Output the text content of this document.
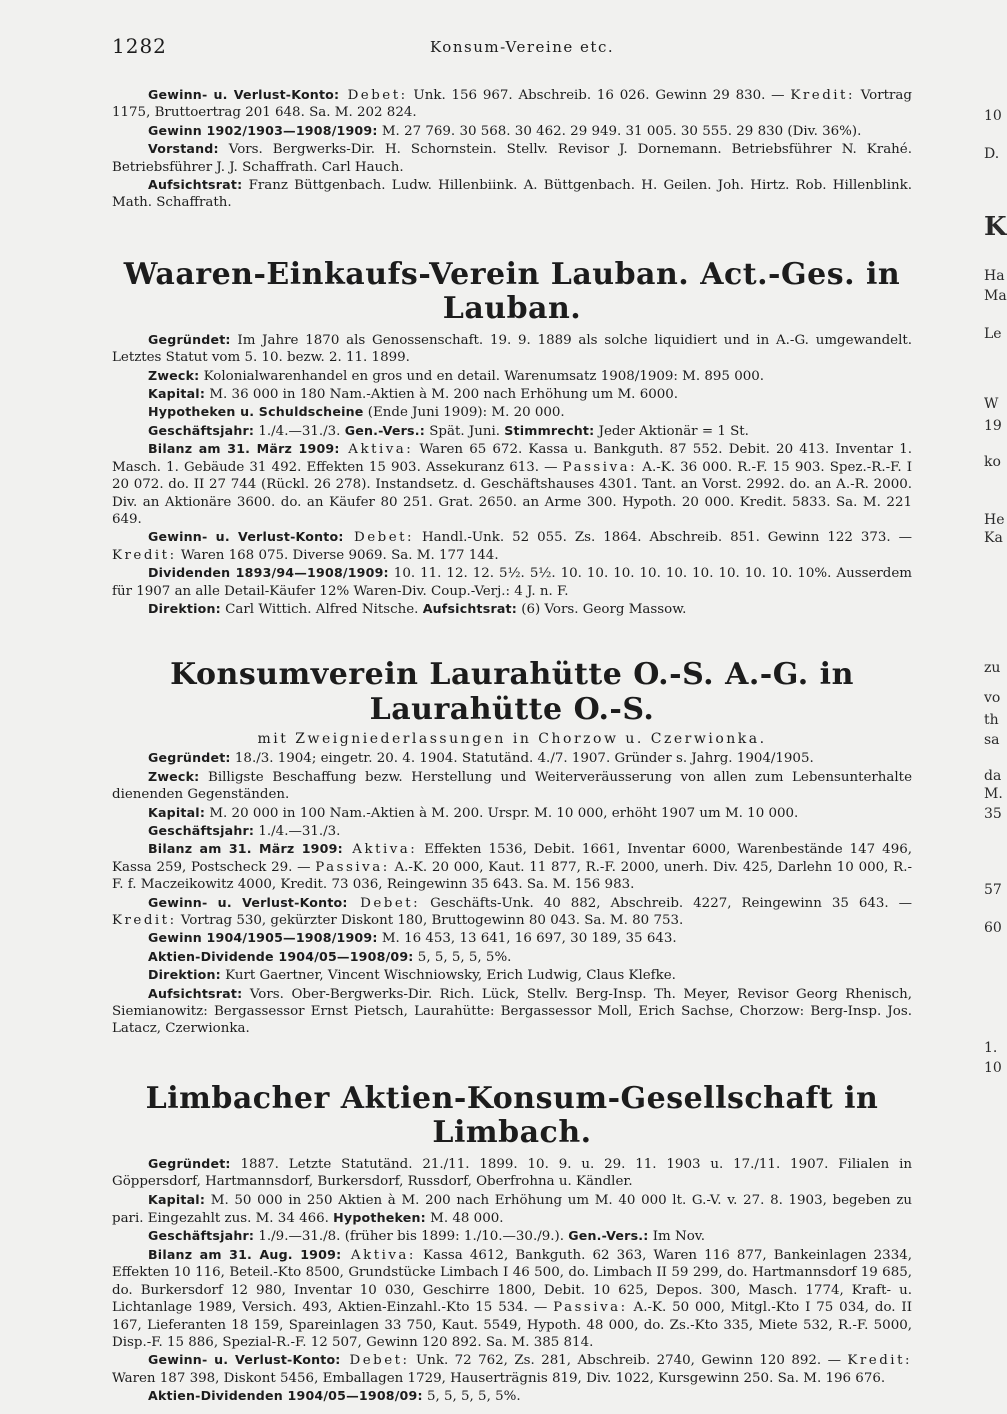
1282	Konsum-Vereine etc.

Gewinn- u. Verlust-Konto: Debet: Unk. 156 967. Abschreib. 16 026. Gewinn 29 830. — Kredit: Vortrag 1175, Bruttoertrag 201 648. Sa. M. 202 824.

Gewinn 1902/1903—1908/1909: M. 27 769. 30 568. 30 462. 29 949. 31 005. 30 555. 29 830 (Div. 36%).

Vorstand: Vors. Bergwerks-Dir. H. Schornstein. Stellv. Revisor J. Dornemann. Betriebsführer N. Krahé. Betriebsführer J. J. Schaffrath. Carl Hauch.

Aufsichtsrat: Franz Büttgenbach. Ludw. Hillenbiink. A. Büttgenbach. H. Geilen. Joh. Hirtz. Rob. Hillenblink. Math. Schaffrath.

Waaren-Einkaufs-Verein Lauban. Act.-Ges. in Lauban.

Gegründet: Im Jahre 1870 als Genossenschaft. 19. 9. 1889 als solche liquidiert und in A.-G. umgewandelt. Letztes Statut vom 5. 10. bezw. 2. 11. 1899.

Zweck: Kolonialwarenhandel en gros und en detail. Warenumsatz 1908/1909: M. 895 000.

Kapital: M. 36 000 in 180 Nam.-Aktien à M. 200 nach Erhöhung um M. 6000.

Hypotheken u. Schuldscheine (Ende Juni 1909): M. 20 000.

Geschäftsjahr: 1./4.—31./3. Gen.-Vers.: Spät. Juni. Stimmrecht: Jeder Aktionär = 1 St.

Bilanz am 31. März 1909: Aktiva: Waren 65 672. Kassa u. Bankguth. 87 552. Debit. 20 413. Inventar 1. Masch. 1. Gebäude 31 492. Effekten 15 903. Assekuranz 613. — Passiva: A.-K. 36 000. R.-F. 15 903. Spez.-R.-F. I 20 072. do. II 27 744 (Rückl. 26 278). Instandsetz. d. Geschäftshauses 4301. Tant. an Vorst. 2992. do. an A.-R. 2000. Div. an Aktionäre 3600. do. an Käufer 80 251. Grat. 2650. an Arme 300. Hypoth. 20 000. Kredit. 5833. Sa. M. 221 649.

Gewinn- u. Verlust-Konto: Debet: Handl.-Unk. 52 055. Zs. 1864. Abschreib. 851. Gewinn 122 373. — Kredit: Waren 168 075. Diverse 9069. Sa. M. 177 144.

Dividenden 1893/94—1908/1909: 10. 11. 12. 12. 5½. 5½. 10. 10. 10. 10. 10. 10. 10. 10. 10. 10%. Ausserdem für 1907 an alle Detail-Käufer 12% Waren-Div. Coup.-Verj.: 4 J. n. F.

Direktion: Carl Wittich. Alfred Nitsche. Aufsichtsrat: (6) Vors. Georg Massow.

Konsumverein Laurahütte O.-S. A.-G. in Laurahütte O.-S.
mit Zweigniederlassungen in Chorzow u. Czerwionka.

Gegründet: 18./3. 1904; eingetr. 20. 4. 1904. Statutänd. 4./7. 1907. Gründer s. Jahrg. 1904/1905.

Zweck: Billigste Beschaffung bezw. Herstellung und Weiterveräusserung von allen zum Lebensunterhalte dienenden Gegenständen.

Kapital: M. 20 000 in 100 Nam.-Aktien à M. 200. Urspr. M. 10 000, erhöht 1907 um M. 10 000.

Geschäftsjahr: 1./4.—31./3.

Bilanz am 31. März 1909: Aktiva: Effekten 1536, Debit. 1661, Inventar 6000, Warenbestände 147 496, Kassa 259, Postscheck 29. — Passiva: A.-K. 20 000, Kaut. 11 877, R.-F. 2000, unerh. Div. 425, Darlehn 10 000, R.-F. f. Maczeikowitz 4000, Kredit. 73 036, Reingewinn 35 643. Sa. M. 156 983.

Gewinn- u. Verlust-Konto: Debet: Geschäfts-Unk. 40 882, Abschreib. 4227, Reingewinn 35 643. — Kredit: Vortrag 530, gekürzter Diskont 180, Bruttogewinn 80 043. Sa. M. 80 753.

Gewinn 1904/1905—1908/1909: M. 16 453, 13 641, 16 697, 30 189, 35 643.

Aktien-Dividende 1904/05—1908/09: 5, 5, 5, 5, 5%.

Direktion: Kurt Gaertner, Vincent Wischniowsky, Erich Ludwig, Claus Klefke.

Aufsichtsrat: Vors. Ober-Bergwerks-Dir. Rich. Lück, Stellv. Berg-Insp. Th. Meyer, Revisor Georg Rhenisch, Siemianowitz: Bergassessor Ernst Pietsch, Laurahütte: Bergassessor Moll, Erich Sachse, Chorzow: Berg-Insp. Jos. Latacz, Czerwionka.

Limbacher Aktien-Konsum-Gesellschaft in Limbach.

Gegründet: 1887. Letzte Statutänd. 21./11. 1899. 10. 9. u. 29. 11. 1903 u. 17./11. 1907. Filialen in Göppersdorf, Hartmannsdorf, Burkersdorf, Russdorf, Oberfrohna u. Kändler.

Kapital: M. 50 000 in 250 Aktien à M. 200 nach Erhöhung um M. 40 000 lt. G.-V. v. 27. 8. 1903, begeben zu pari. Eingezahlt zus. M. 34 466. Hypotheken: M. 48 000.

Geschäftsjahr: 1./9.—31./8. (früher bis 1899: 1./10.—30./9.). Gen.-Vers.: Im Nov.

Bilanz am 31. Aug. 1909: Aktiva: Kassa 4612, Bankguth. 62 363, Waren 116 877, Bankeinlagen 2334, Effekten 10 116, Beteil.-Kto 8500, Grundstücke Limbach I 46 500, do. Limbach II 59 299, do. Hartmannsdorf 19 685, do. Burkersdorf 12 980, Inventar 10 030, Geschirre 1800, Debit. 10 625, Depos. 300, Masch. 1774, Kraft- u. Lichtanlage 1989, Versich. 493, Aktien-Einzahl.-Kto 15 534. — Passiva: A.-K. 50 000, Mitgl.-Kto I 75 034, do. II 167, Lieferanten 18 159, Spareinlagen 33 750, Kaut. 5549, Hypoth. 48 000, do. Zs.-Kto 335, Miete 532, R.-F. 5000, Disp.-F. 15 886, Spezial-R.-F. 12 507, Gewinn 120 892. Sa. M. 385 814.

Gewinn- u. Verlust-Konto: Debet: Unk. 72 762, Zs. 281, Abschreib. 2740, Gewinn 120 892. — Kredit: Waren 187 398, Diskont 5456, Emballagen 1729, Hauserträgnis 819, Div. 1022, Kursgewinn 250. Sa. M. 196 676.

Aktien-Dividenden 1904/05—1908/09: 5, 5, 5, 5, 5%.

10
D.
K
Ha
Ma
Le
W
19
ko
He
Ka
zu
vo
th
sa
da
M.
35
57
60
1.
10
